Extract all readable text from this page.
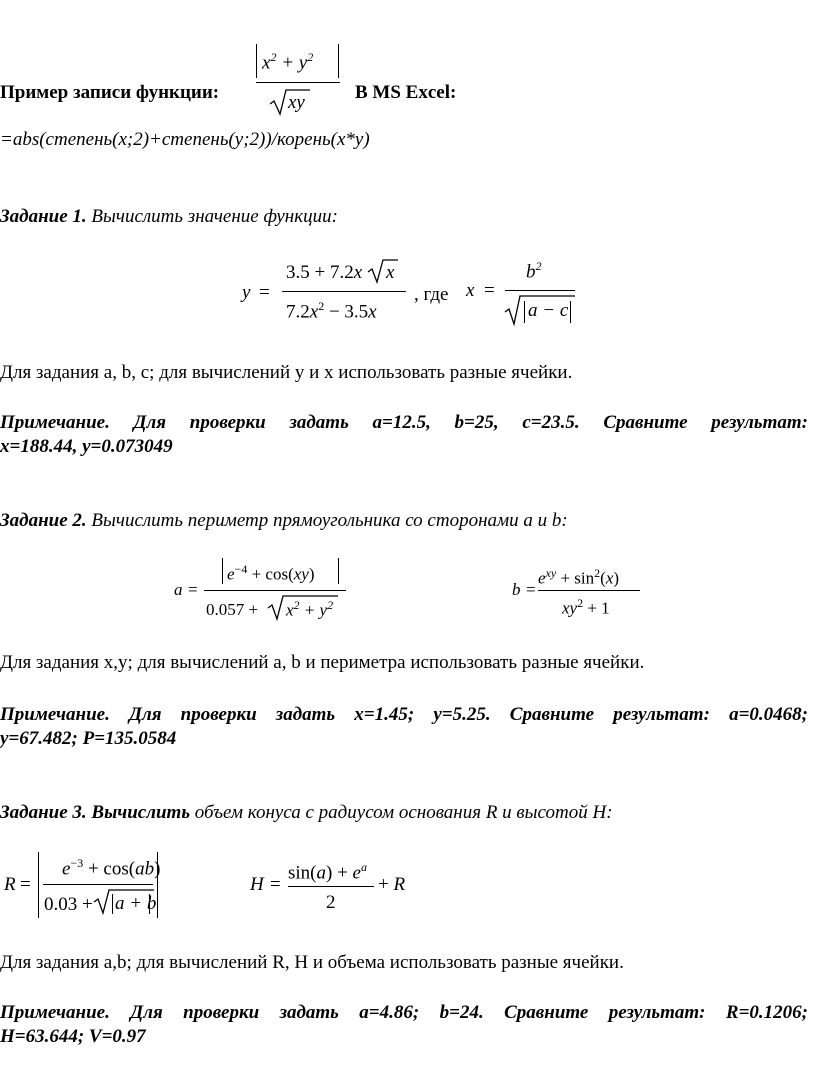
Пример записи функции:
$x^2 + y^2$
xy	В MS Excel:
=abs(степень(x;2)+степень(y;2))/корень(x*y)
Задание 1. Вычислить значение функции:
y =
3.5 + 7.2x x
$7.2x^2 - 3.5x$
, где x =
$b^2$
a − c
Для задания a, b, c; для вычислений y и x использовать разные ячейки.
Примечание. Для проверки задать a=12.5, b=25, c=23.5. Сравните результат:
x=188.44, y=0.073049
Задание 2. Вычислить периметр прямоугольника со сторонами a и b:
a =
$e^{-4} + \cos(xy)$
$0.057 + x^2 + y^2$
b =
$e^{xy} + \sin^2(x)$
$xy^2 + 1$
Для задания x,y; для вычислений a, b и периметра использовать разные ячейки.
Примечание. Для проверки задать x=1.45; y=5.25. Сравните результат: a=0.0468;
y=67.482; P=135.0584
Задание 3. Вычислить объем конуса с радиусом основания R и высотой H:
R =
$e^{-3} + \cos(ab)$
0.03 + a + b
H =
$\sin(a) + e^a$
2
+ R
Для задания a,b; для вычислений R, H и объема использовать разные ячейки.
Примечание. Для проверки задать a=4.86; b=24. Сравните результат: R=0.1206;
H=63.644; V=0.97
